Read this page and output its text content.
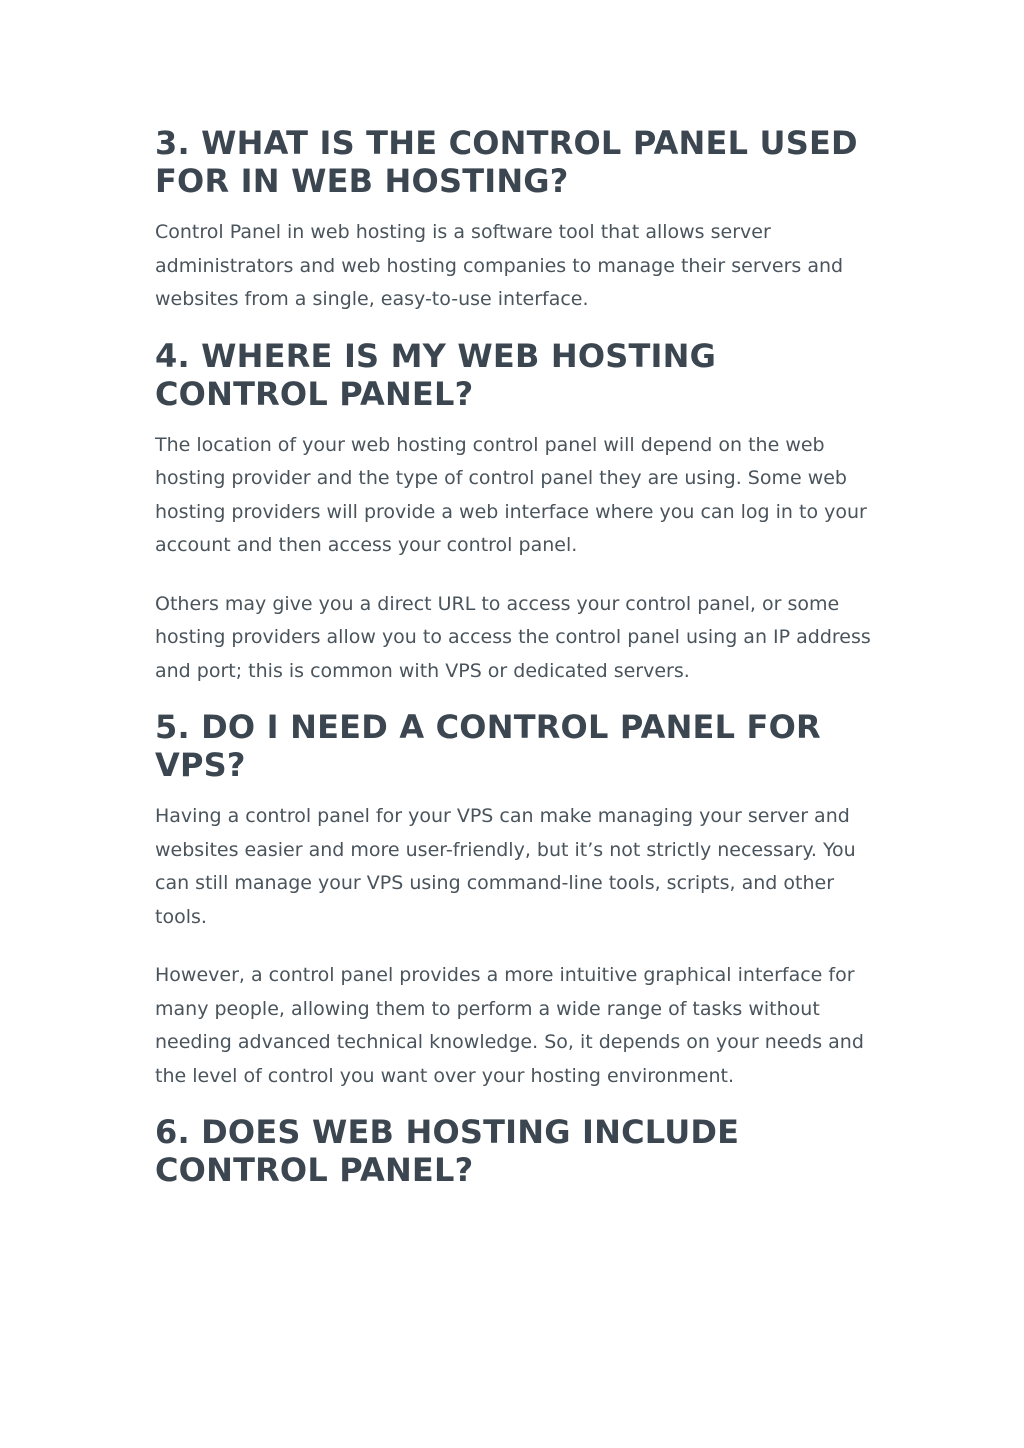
3. WHAT IS THE CONTROL PANEL USED FOR IN WEB HOSTING?

Control Panel in web hosting is a software tool that allows server administrators and web hosting companies to manage their servers and websites from a single, easy-to-use interface.

4. WHERE IS MY WEB HOSTING CONTROL PANEL?

The location of your web hosting control panel will depend on the web hosting provider and the type of control panel they are using. Some web hosting providers will provide a web interface where you can log in to your account and then access your control panel.

Others may give you a direct URL to access your control panel, or some hosting providers allow you to access the control panel using an IP address and port; this is common with VPS or dedicated servers.

5. DO I NEED A CONTROL PANEL FOR VPS?

Having a control panel for your VPS can make managing your server and websites easier and more user-friendly, but it’s not strictly necessary. You can still manage your VPS using command-line tools, scripts, and other tools.

However, a control panel provides a more intuitive graphical interface for many people, allowing them to perform a wide range of tasks without needing advanced technical knowledge. So, it depends on your needs and the level of control you want over your hosting environment.

6. DOES WEB HOSTING INCLUDE CONTROL PANEL?
